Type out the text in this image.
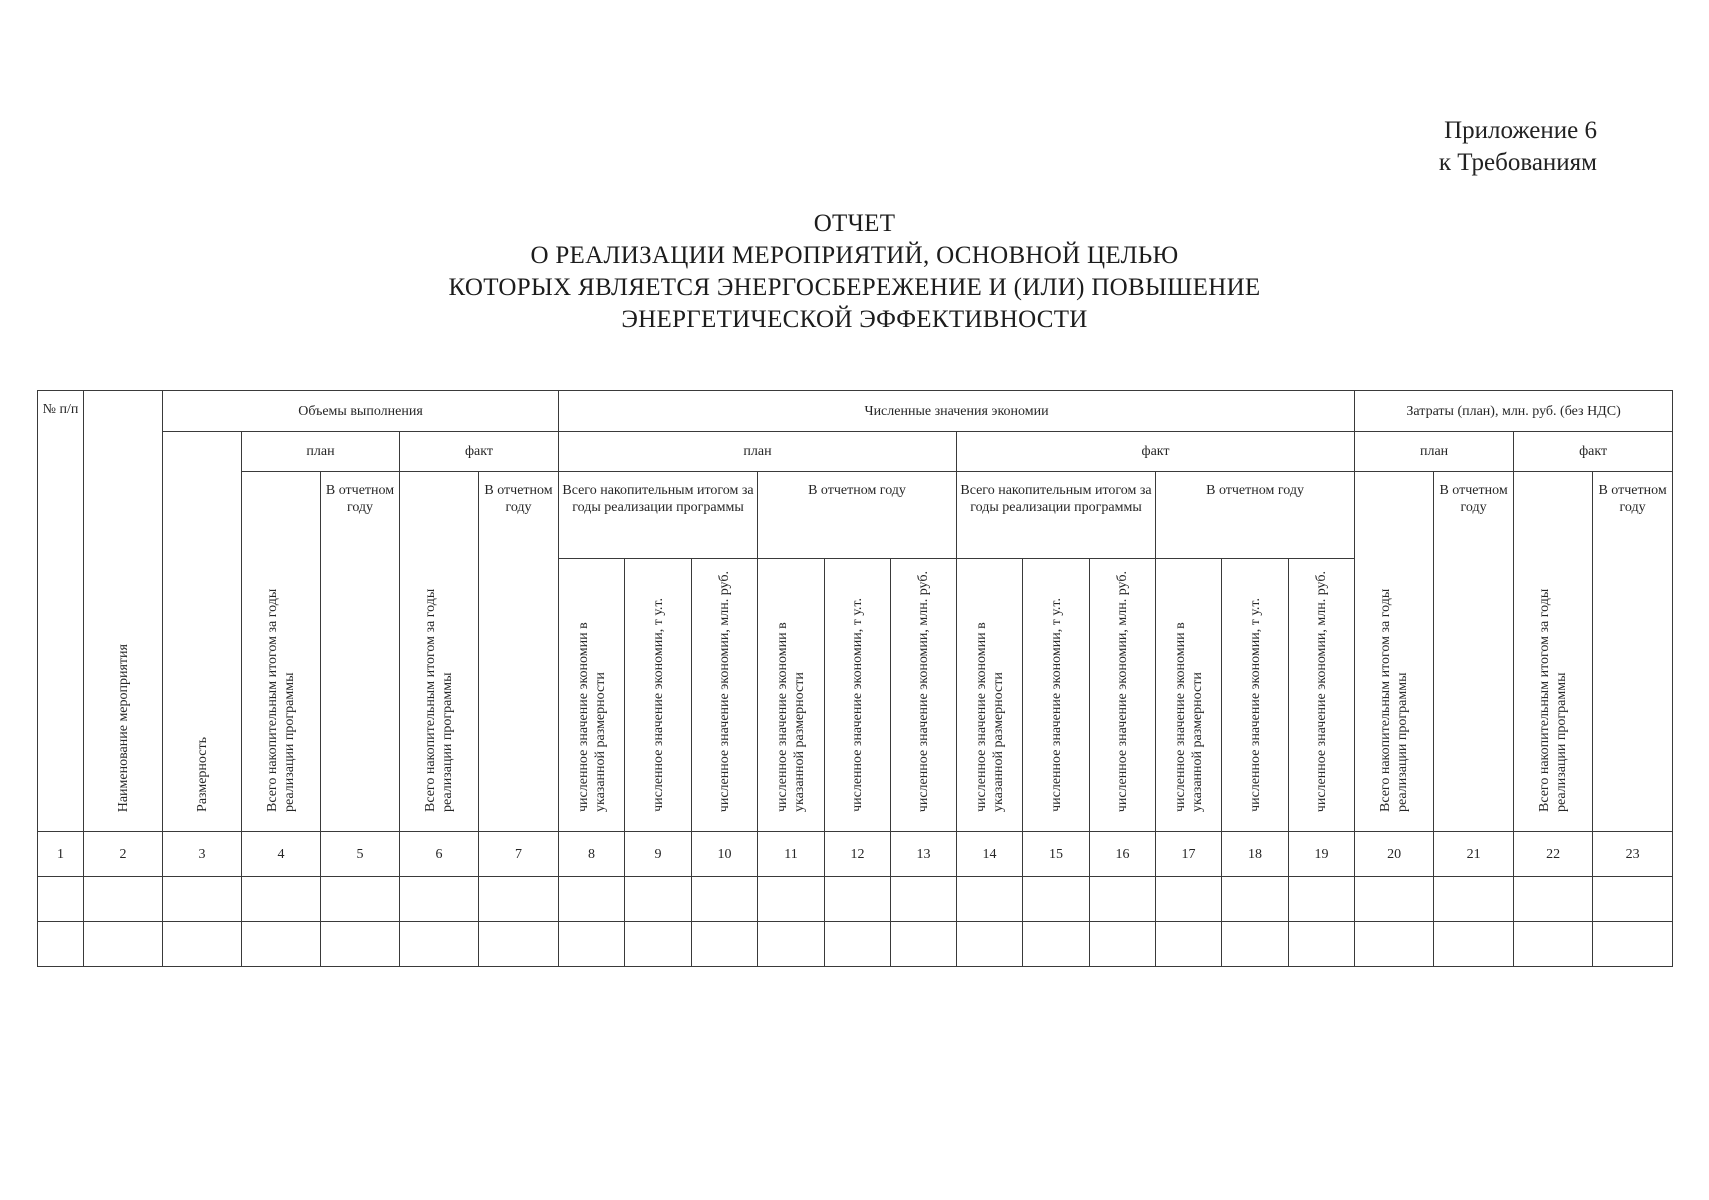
Приложение 6
к Требованиям
ОТЧЕТ
О РЕАЛИЗАЦИИ МЕРОПРИЯТИЙ, ОСНОВНОЙ ЦЕЛЬЮ
КОТОРЫХ ЯВЛЯЕТСЯ ЭНЕРГОСБЕРЕЖЕНИЕ И (ИЛИ) ПОВЫШЕНИЕ
ЭНЕРГЕТИЧЕСКОЙ ЭФФЕКТИВНОСТИ
№ п/п	Наименование мероприятия	Объемы выполнения					Численные значения экономии												Затраты (план), млн. руб. (без НДС)			
		Размерность	план		факт		план						факт						план		факт	
			Всего накопительным итогом за годы реализации программы	В отчетном году	Всего накопительным итогом за годы реализации программы	В отчетном году	Всего накопительным итогом за годы реализации программы			В отчетном году			Всего накопительным итогом за годы реализации программы			В отчетном году			Всего накопительным итогом за годы реализации программы	В отчетном году	Всего накопительным итогом за годы реализации программы	В отчетном году
							численное значение экономии в указанной размерности	численное значение экономии, т у.т.	численное значение экономии, млн. руб.	численное значение экономии в указанной размерности	численное значение экономии, т у.т.	численное значение экономии, млн. руб.	численное значение экономии в указанной размерности	численное значение экономии, т у.т.	численное значение экономии, млн. руб.	численное значение экономии в указанной размерности	численное значение экономии, т у.т.	численное значение экономии, млн. руб.				
1	2	3	4	5	6	7	8	9	10	11	12	13	14	15	16	17	18	19	20	21	22	23
